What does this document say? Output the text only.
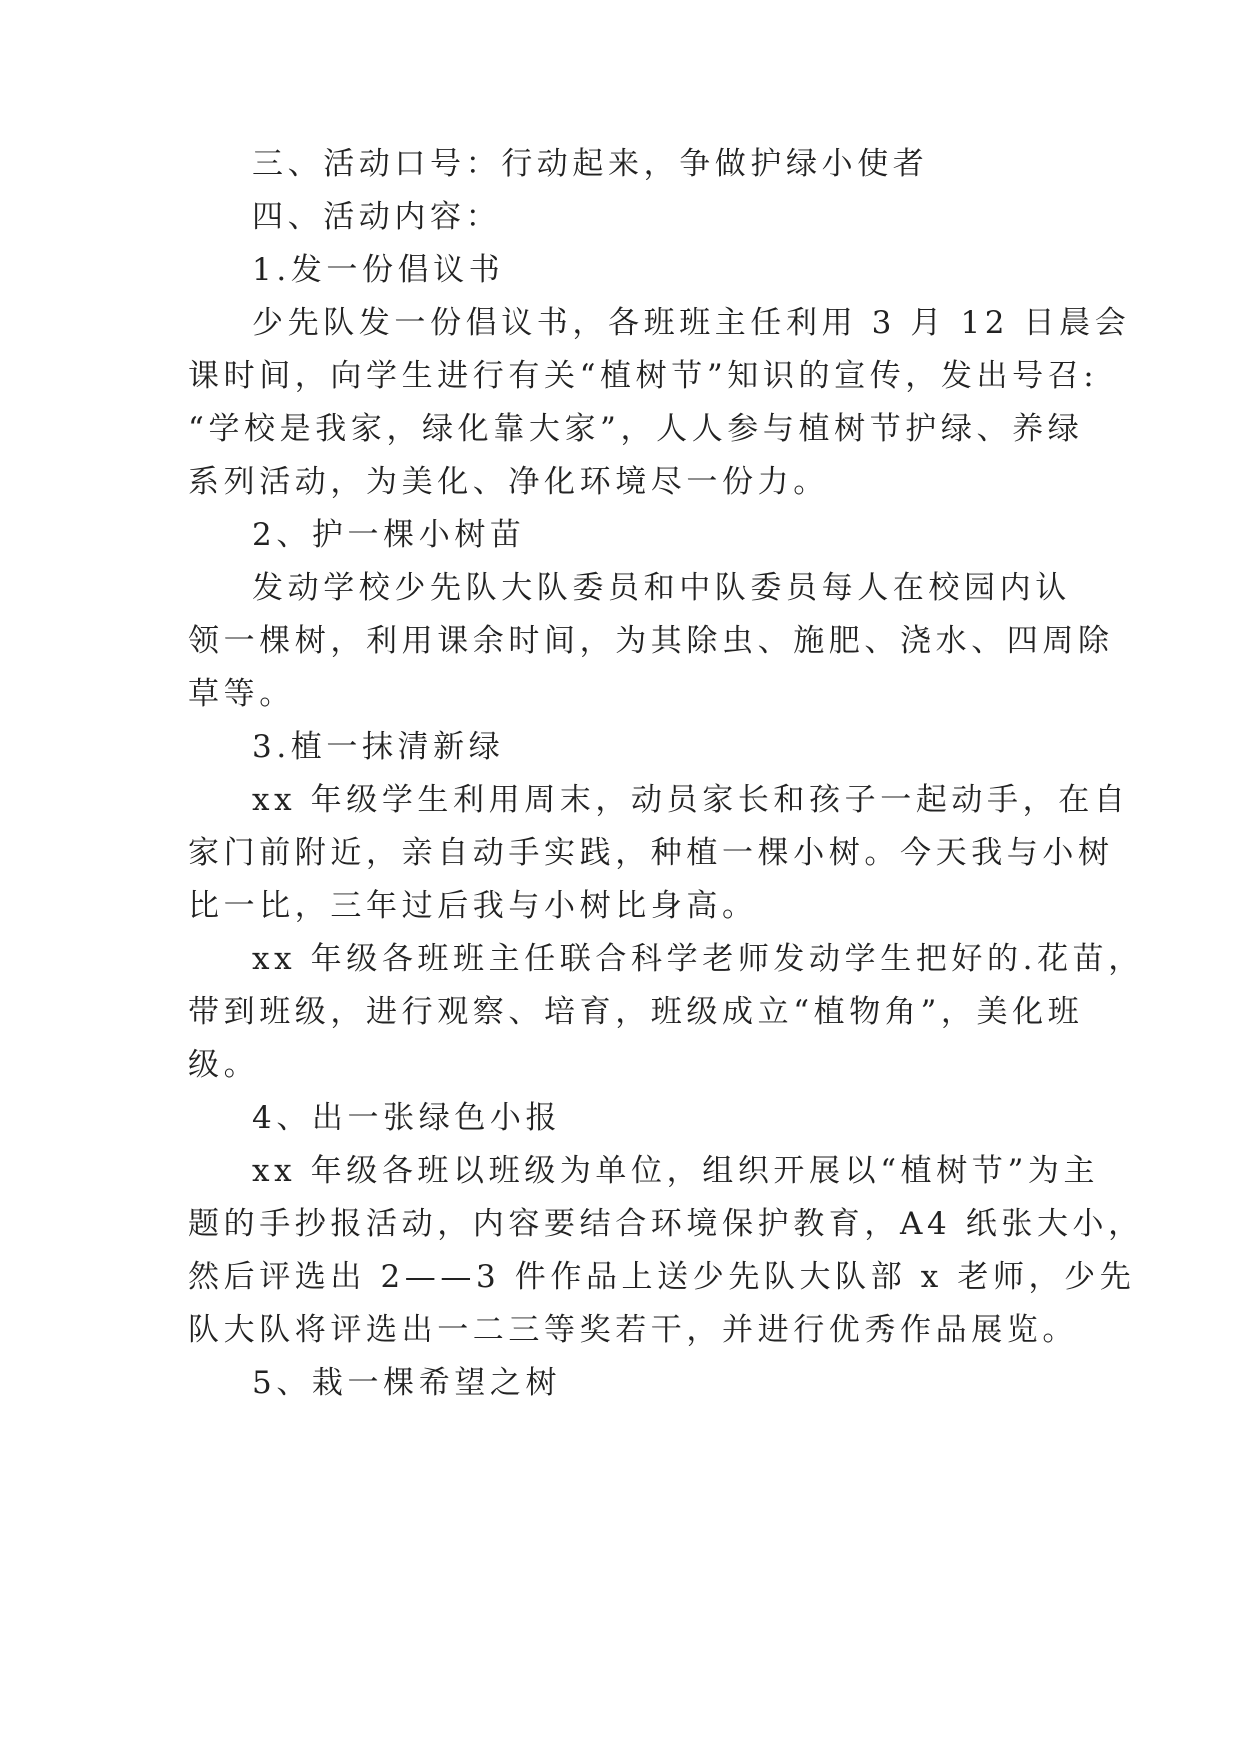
三、活动口号：行动起来，争做护绿小使者
四、活动内容：
1.发一份倡议书
少先队发一份倡议书，各班班主任利用 3 月 12 日晨会
课时间，向学生进行有关“植树节”知识的宣传，发出号召:
“学校是我家，绿化靠大家”，人人参与植树节护绿、养绿
系列活动，为美化、净化环境尽一份力。
2、护一棵小树苗
发动学校少先队大队委员和中队委员每人在校园内认
领一棵树，利用课余时间，为其除虫、施肥、浇水、四周除
草等。
3.植一抹清新绿
xx 年级学生利用周末，动员家长和孩子一起动手，在自
家门前附近，亲自动手实践，种植一棵小树。今天我与小树
比一比，三年过后我与小树比身高。
xx 年级各班班主任联合科学老师发动学生把好的.花苗，
带到班级，进行观察、培育，班级成立“植物角”，美化班
级。
4、出一张绿色小报
xx 年级各班以班级为单位，组织开展以“植树节”为主
题的手抄报活动，内容要结合环境保护教育，A4 纸张大小，
然后评选出 2——3 件作品上送少先队大队部 x 老师，少先
队大队将评选出一二三等奖若干，并进行优秀作品展览。
5、栽一棵希望之树
